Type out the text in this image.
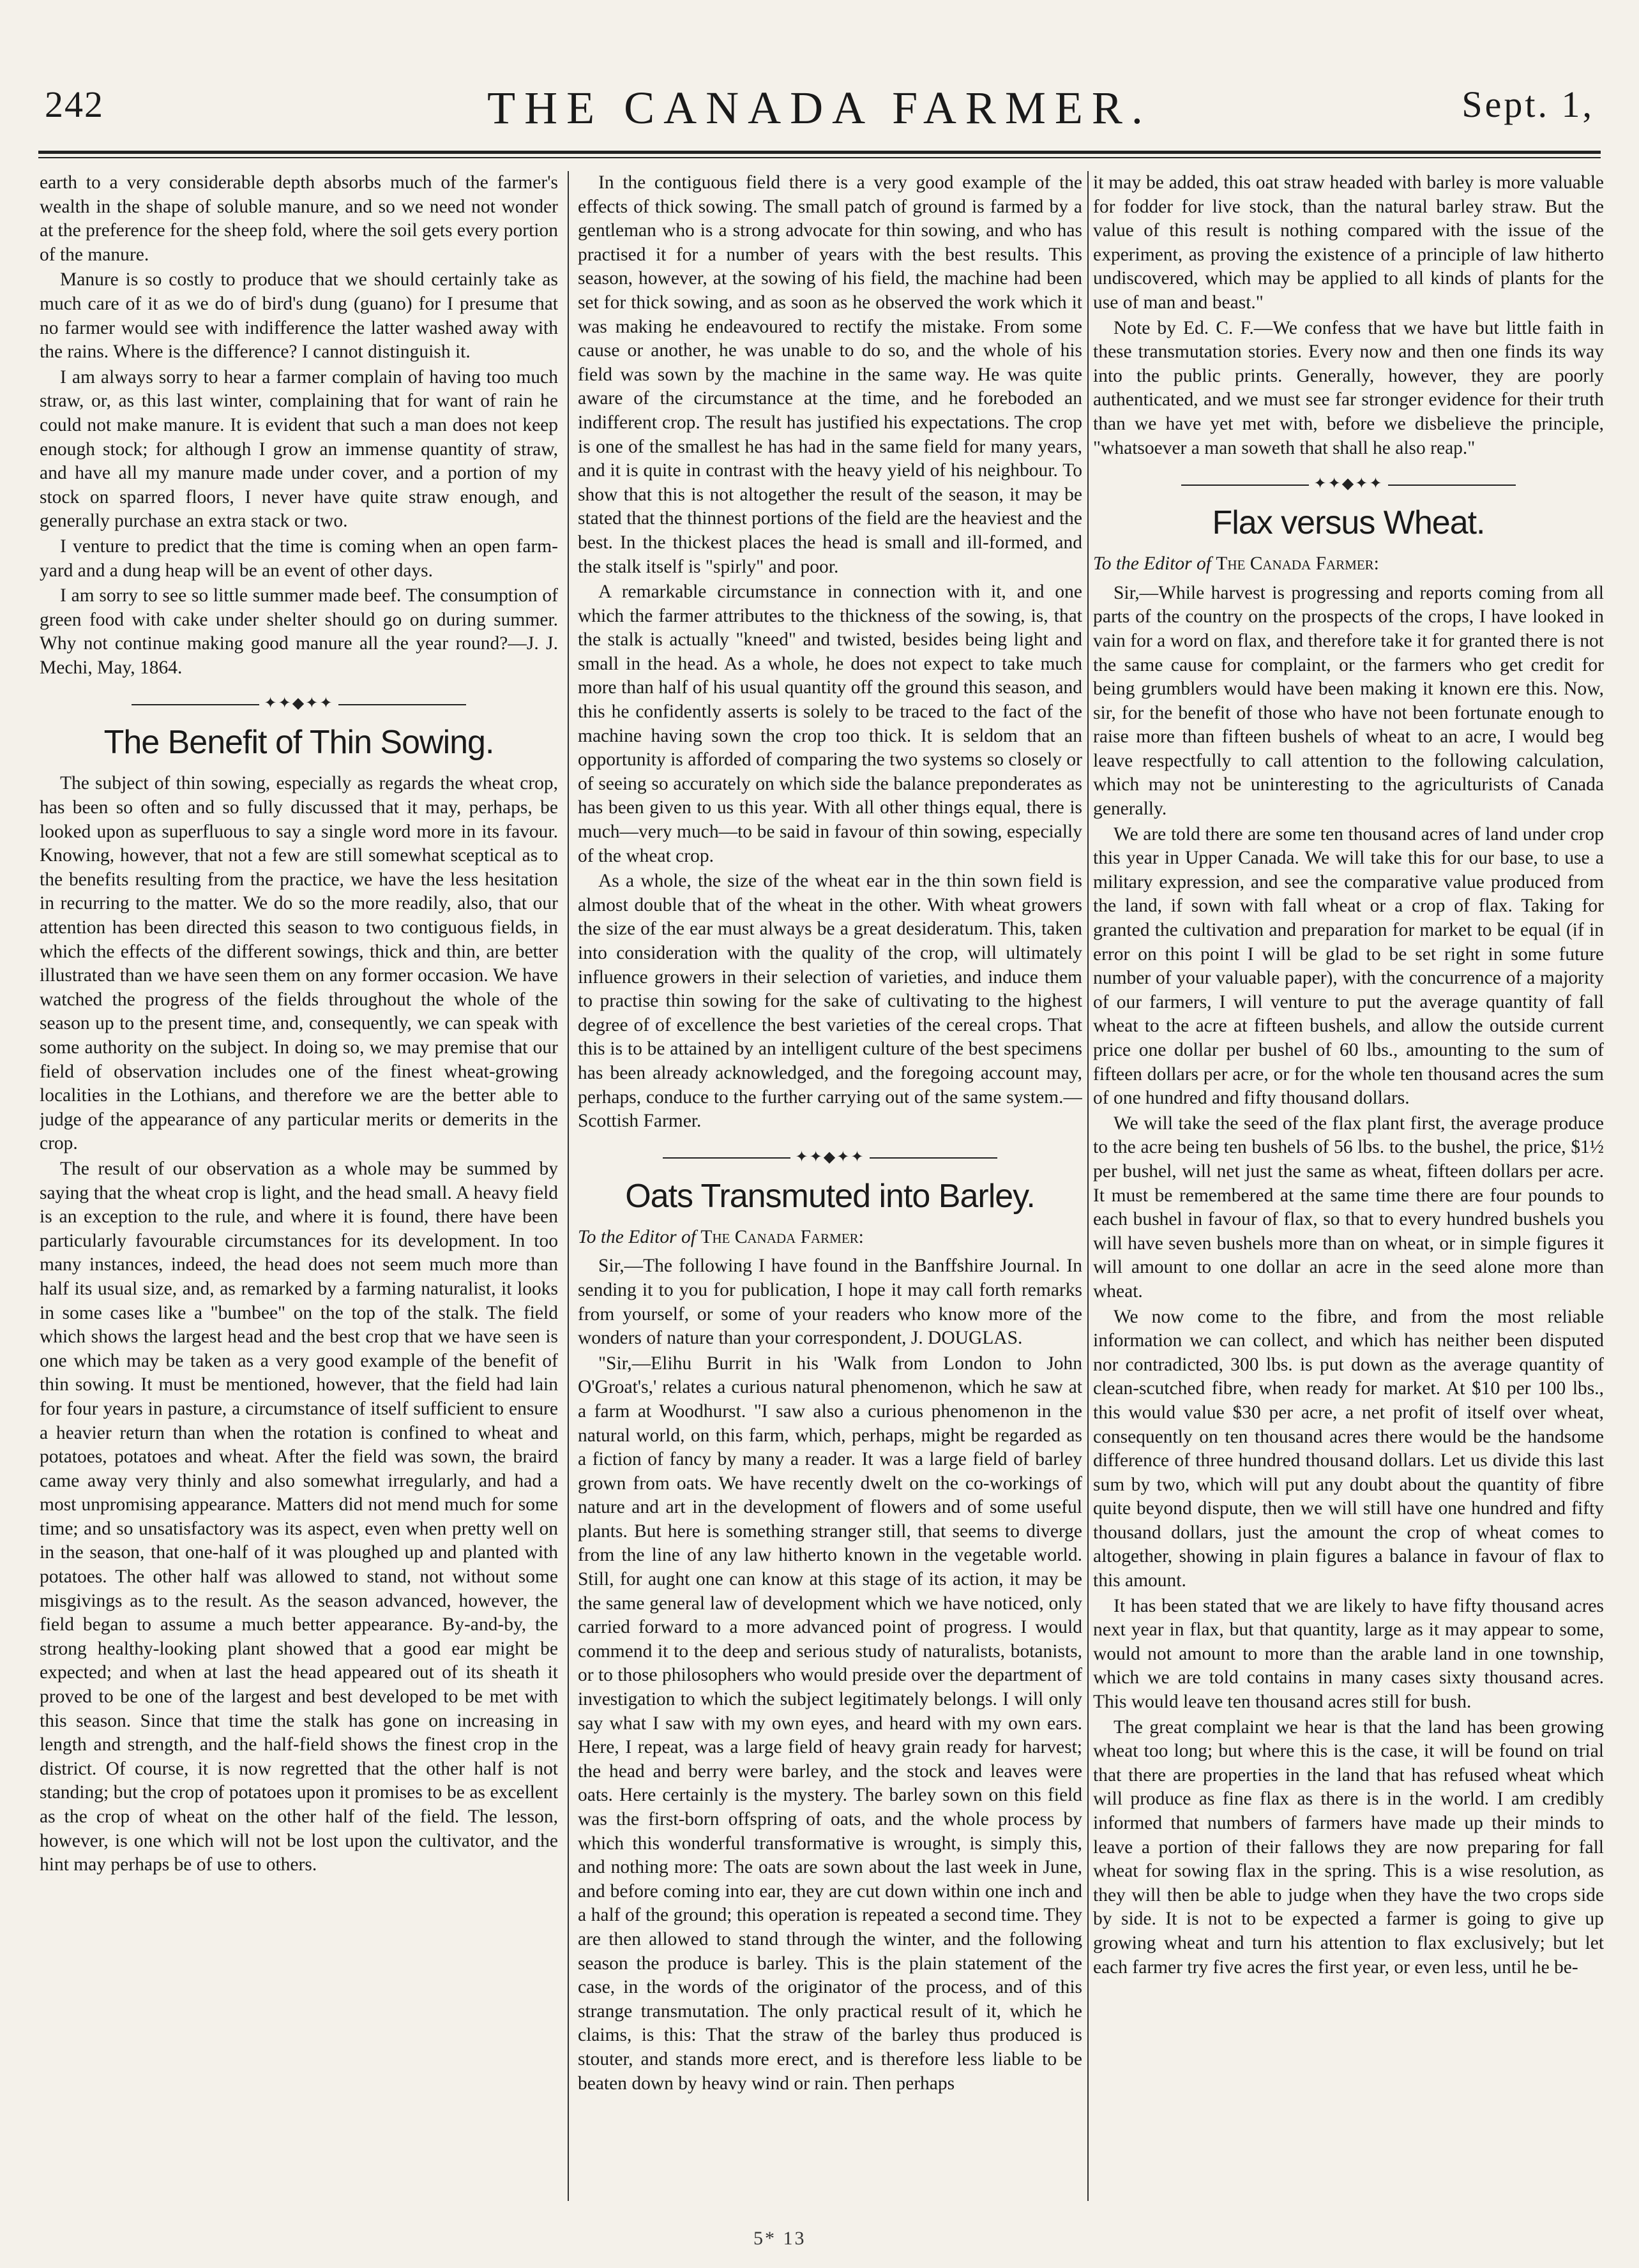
242	THE CANADA FARMER.	Sept. 1,

earth to a very considerable depth absorbs much of the farmer's wealth in the shape of soluble manure, and so we need not wonder at the preference for the sheep fold, where the soil gets every portion of the manure.

Manure is so costly to produce that we should certainly take as much care of it as we do of bird's dung (guano) for I presume that no farmer would see with indifference the latter washed away with the rains. Where is the difference? I cannot distinguish it.

I am always sorry to hear a farmer complain of having too much straw, or, as this last winter, complaining that for want of rain he could not make manure. It is evident that such a man does not keep enough stock; for although I grow an immense quantity of straw, and have all my manure made under cover, and a portion of my stock on sparred floors, I never have quite straw enough, and generally purchase an extra stack or two.

I venture to predict that the time is coming when an open farm-yard and a dung heap will be an event of other days.

I am sorry to see so little summer made beef. The consumption of green food with cake under shelter should go on during summer. Why not continue making good manure all the year round?—J. J. Mechi, May, 1864.

✦✦◆✦✦
The Benefit of Thin Sowing.

The subject of thin sowing, especially as regards the wheat crop, has been so often and so fully discussed that it may, perhaps, be looked upon as superfluous to say a single word more in its favour. Knowing, however, that not a few are still somewhat sceptical as to the benefits resulting from the practice, we have the less hesitation in recurring to the matter. We do so the more readily, also, that our attention has been directed this season to two contiguous fields, in which the effects of the different sowings, thick and thin, are better illustrated than we have seen them on any former occasion. We have watched the progress of the fields throughout the whole of the season up to the present time, and, consequently, we can speak with some authority on the subject. In doing so, we may premise that our field of observation includes one of the finest wheat-growing localities in the Lothians, and therefore we are the better able to judge of the appearance of any particular merits or demerits in the crop.

The result of our observation as a whole may be summed by saying that the wheat crop is light, and the head small. A heavy field is an exception to the rule, and where it is found, there have been particularly favourable circumstances for its development. In too many instances, indeed, the head does not seem much more than half its usual size, and, as remarked by a farming naturalist, it looks in some cases like a "bumbee" on the top of the stalk. The field which shows the largest head and the best crop that we have seen is one which may be taken as a very good example of the benefit of thin sowing. It must be mentioned, however, that the field had lain for four years in pasture, a circumstance of itself sufficient to ensure a heavier return than when the rotation is confined to wheat and potatoes, potatoes and wheat. After the field was sown, the braird came away very thinly and also somewhat irregularly, and had a most unpromising appearance. Matters did not mend much for some time; and so unsatisfactory was its aspect, even when pretty well on in the season, that one-half of it was ploughed up and planted with potatoes. The other half was allowed to stand, not without some misgivings as to the result. As the season advanced, however, the field began to assume a much better appearance. By-and-by, the strong healthy-looking plant showed that a good ear might be expected; and when at last the head appeared out of its sheath it proved to be one of the largest and best developed to be met with this season. Since that time the stalk has gone on increasing in length and strength, and the half-field shows the finest crop in the district. Of course, it is now regretted that the other half is not standing; but the crop of potatoes upon it promises to be as excellent as the crop of wheat on the other half of the field. The lesson, however, is one which will not be lost upon the cultivator, and the hint may perhaps be of use to others.

In the contiguous field there is a very good example of the effects of thick sowing. The small patch of ground is farmed by a gentleman who is a strong advocate for thin sowing, and who has practised it for a number of years with the best results. This season, however, at the sowing of his field, the machine had been set for thick sowing, and as soon as he observed the work which it was making he endeavoured to rectify the mistake. From some cause or another, he was unable to do so, and the whole of his field was sown by the machine in the same way. He was quite aware of the circumstance at the time, and he foreboded an indifferent crop. The result has justified his expectations. The crop is one of the smallest he has had in the same field for many years, and it is quite in contrast with the heavy yield of his neighbour. To show that this is not altogether the result of the season, it may be stated that the thinnest portions of the field are the heaviest and the best. In the thickest places the head is small and ill-formed, and the stalk itself is "spirly" and poor.

A remarkable circumstance in connection with it, and one which the farmer attributes to the thickness of the sowing, is, that the stalk is actually "kneed" and twisted, besides being light and small in the head. As a whole, he does not expect to take much more than half of his usual quantity off the ground this season, and this he confidently asserts is solely to be traced to the fact of the machine having sown the crop too thick. It is seldom that an opportunity is afforded of comparing the two systems so closely or of seeing so accurately on which side the balance preponderates as has been given to us this year. With all other things equal, there is much—very much—to be said in favour of thin sowing, especially of the wheat crop.

As a whole, the size of the wheat ear in the thin sown field is almost double that of the wheat in the other. With wheat growers the size of the ear must always be a great desideratum. This, taken into consideration with the quality of the crop, will ultimately influence growers in their selection of varieties, and induce them to practise thin sowing for the sake of cultivating to the highest degree of of excellence the best varieties of the cereal crops. That this is to be attained by an intelligent culture of the best specimens has been already acknowledged, and the foregoing account may, perhaps, conduce to the further carrying out of the same system.—Scottish Farmer.

✦✦◆✦✦
Oats Transmuted into Barley.

To the Editor of The Canada Farmer:

Sir,—The following I have found in the Banffshire Journal. In sending it to you for publication, I hope it may call forth remarks from yourself, or some of your readers who know more of the wonders of nature than your correspondent, J. DOUGLAS.

"Sir,—Elihu Burrit in his 'Walk from London to John O'Groat's,' relates a curious natural phenomenon, which he saw at a farm at Woodhurst. "I saw also a curious phenomenon in the natural world, on this farm, which, perhaps, might be regarded as a fiction of fancy by many a reader. It was a large field of barley grown from oats. We have recently dwelt on the co-workings of nature and art in the development of flowers and of some useful plants. But here is something stranger still, that seems to diverge from the line of any law hitherto known in the vegetable world. Still, for aught one can know at this stage of its action, it may be the same general law of development which we have noticed, only carried forward to a more advanced point of progress. I would commend it to the deep and serious study of naturalists, botanists, or to those philosophers who would preside over the department of investigation to which the subject legitimately belongs. I will only say what I saw with my own eyes, and heard with my own ears. Here, I repeat, was a large field of heavy grain ready for harvest; the head and berry were barley, and the stock and leaves were oats. Here certainly is the mystery. The barley sown on this field was the first-born offspring of oats, and the whole process by which this wonderful transformative is wrought, is simply this, and nothing more: The oats are sown about the last week in June, and before coming into ear, they are cut down within one inch and a half of the ground; this operation is repeated a second time. They are then allowed to stand through the winter, and the following season the produce is barley. This is the plain statement of the case, in the words of the originator of the process, and of this strange transmutation. The only practical result of it, which he claims, is this: That the straw of the barley thus produced is stouter, and stands more erect, and is therefore less liable to be beaten down by heavy wind or rain. Then perhaps

it may be added, this oat straw headed with barley is more valuable for fodder for live stock, than the natural barley straw. But the value of this result is nothing compared with the issue of the experiment, as proving the existence of a principle of law hitherto undiscovered, which may be applied to all kinds of plants for the use of man and beast."

Note by Ed. C. F.—We confess that we have but little faith in these transmutation stories. Every now and then one finds its way into the public prints. Generally, however, they are poorly authenticated, and we must see far stronger evidence for their truth than we have yet met with, before we disbelieve the principle, "whatsoever a man soweth that shall he also reap."

✦✦◆✦✦
Flax versus Wheat.

To the Editor of The Canada Farmer:

Sir,—While harvest is progressing and reports coming from all parts of the country on the prospects of the crops, I have looked in vain for a word on flax, and therefore take it for granted there is not the same cause for complaint, or the farmers who get credit for being grumblers would have been making it known ere this. Now, sir, for the benefit of those who have not been fortunate enough to raise more than fifteen bushels of wheat to an acre, I would beg leave respectfully to call attention to the following calculation, which may not be uninteresting to the agriculturists of Canada generally.

We are told there are some ten thousand acres of land under crop this year in Upper Canada. We will take this for our base, to use a military expression, and see the comparative value produced from the land, if sown with fall wheat or a crop of flax. Taking for granted the cultivation and preparation for market to be equal (if in error on this point I will be glad to be set right in some future number of your valuable paper), with the concurrence of a majority of our farmers, I will venture to put the average quantity of fall wheat to the acre at fifteen bushels, and allow the outside current price one dollar per bushel of 60 lbs., amounting to the sum of fifteen dollars per acre, or for the whole ten thousand acres the sum of one hundred and fifty thousand dollars.

We will take the seed of the flax plant first, the average produce to the acre being ten bushels of 56 lbs. to the bushel, the price, $1½ per bushel, will net just the same as wheat, fifteen dollars per acre. It must be remembered at the same time there are four pounds to each bushel in favour of flax, so that to every hundred bushels you will have seven bushels more than on wheat, or in simple figures it will amount to one dollar an acre in the seed alone more than wheat.

We now come to the fibre, and from the most reliable information we can collect, and which has neither been disputed nor contradicted, 300 lbs. is put down as the average quantity of clean-scutched fibre, when ready for market. At $10 per 100 lbs., this would value $30 per acre, a net profit of itself over wheat, consequently on ten thousand acres there would be the handsome difference of three hundred thousand dollars. Let us divide this last sum by two, which will put any doubt about the quantity of fibre quite beyond dispute, then we will still have one hundred and fifty thousand dollars, just the amount the crop of wheat comes to altogether, showing in plain figures a balance in favour of flax to this amount.

It has been stated that we are likely to have fifty thousand acres next year in flax, but that quantity, large as it may appear to some, would not amount to more than the arable land in one township, which we are told contains in many cases sixty thousand acres. This would leave ten thousand acres still for bush.

The great complaint we hear is that the land has been growing wheat too long; but where this is the case, it will be found on trial that there are properties in the land that has refused wheat which will produce as fine flax as there is in the world. I am credibly informed that numbers of farmers have made up their minds to leave a portion of their fallows they are now preparing for fall wheat for sowing flax in the spring. This is a wise resolution, as they will then be able to judge when they have the two crops side by side. It is not to be expected a farmer is going to give up growing wheat and turn his attention to flax exclusively; but let each farmer try five acres the first year, or even less, until he be-

5* 13
